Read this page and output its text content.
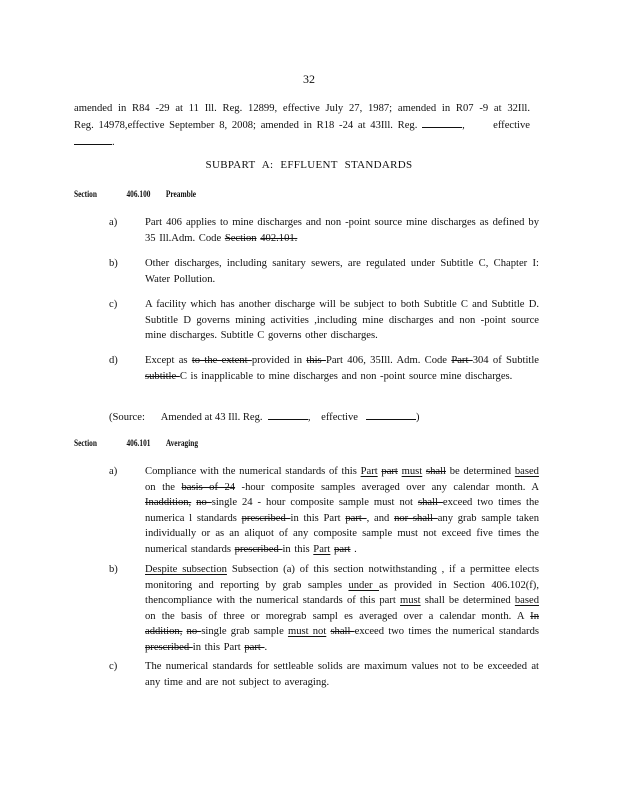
32
amended in R84 -29 at 11 Ill. Reg. 12899, effective July 27, 1987; amended in R07 -9 at 32Ill.
Reg. 14978,effective September 8, 2008; amended in R18 -24 at 43Ill. Reg.	,      effective
.
SUBPART A: EFFLUENT STANDARDS
Section	406.100 Preamble
a)	Part 406 applies to mine discharges and non -point source mine discharges as defined by 35 Ill.Adm. Code Section 402.101.
b)	Other discharges, including sanitary sewers, are regulated under Subtitle C, Chapter I: Water Pollution.
c)	A facility which has another discharge will be subject to both Subtitle C and Subtitle D. Subtitle D governs mining activities ,including mine discharges and non -point source mine discharges. Subtitle C governs other discharges.
d)	Except as to the extent provided in this Part 406, 35Ill. Adm. Code Part 304 of Subtitle subtitle C is inapplicable to mine discharges and non -point source mine discharges.
(Source: Amended at 43 Ill. Reg.	,    effective	)
Section	406.101 Averaging
a)	Compliance with the numerical standards of this Part part must shall be determined based on the basis of 24 -hour composite samples averaged over any calendar month. A Inaddition, no single 24 - hour composite sample must not shall exceed two times the numerica l standards prescribed in this Part part , and nor shall any grab sample taken individually or as an aliquot of any composite sample must not exceed five times the numerical standards prescribed in this Part part .
b)	Despite subsection Subsection (a) of this section notwithstanding , if a permittee elects monitoring and reporting by grab samples under as provided in Section 406.102(f), thencompliance with the numerical standards of this part must shall be determined based on the basis of three or moregrab sampl es averaged over a calendar month. A In addition, no single grab sample must not shall exceed two times the numerical standards prescribed in this Part part .
c)	The numerical standards for settleable solids are maximum values not to be exceeded at any time and are not subject to averaging.
